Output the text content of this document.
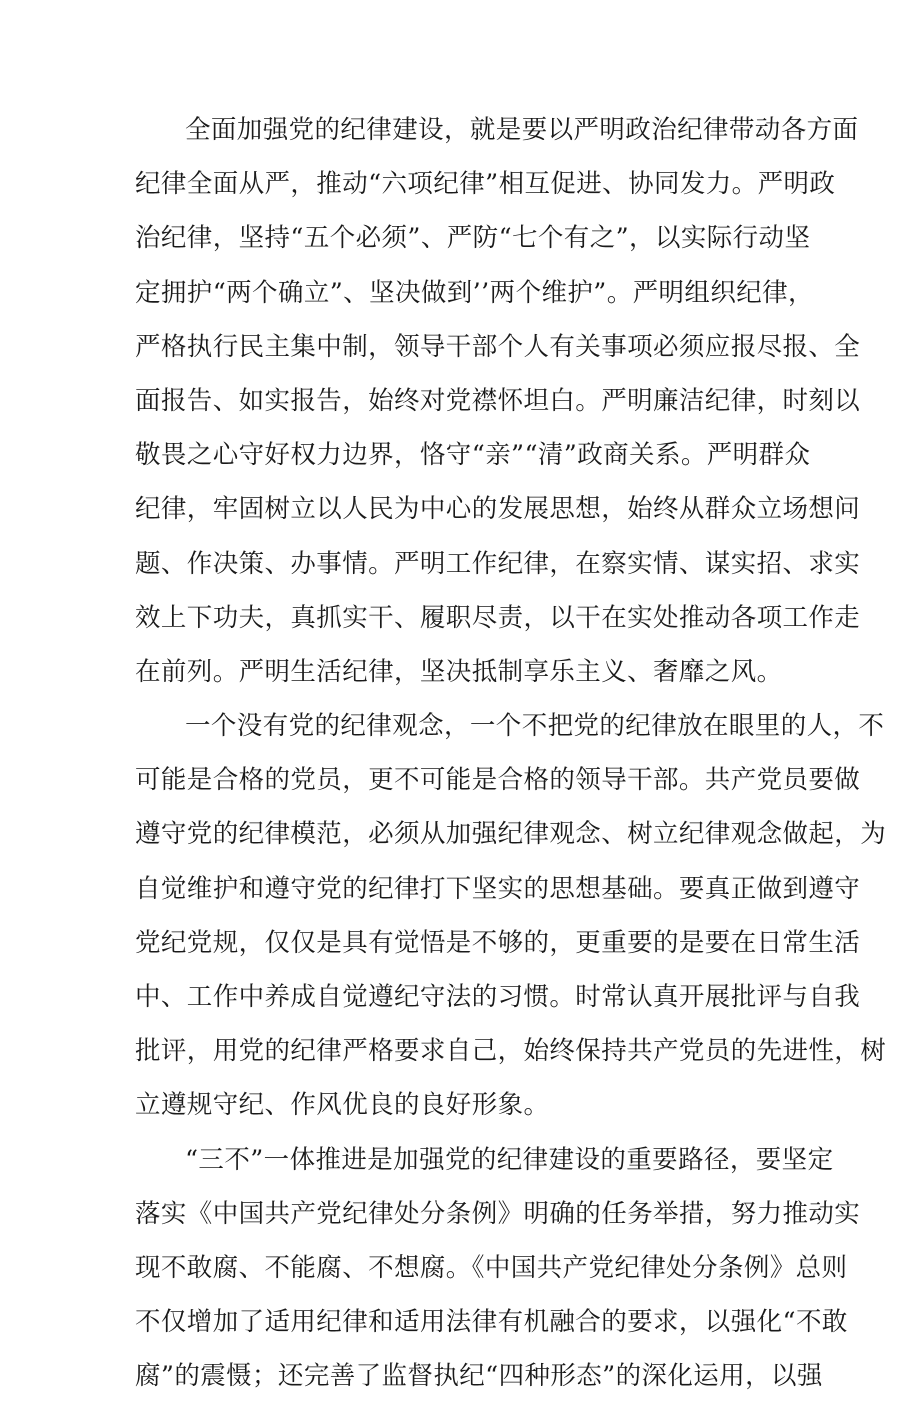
全面加强党的纪律建设，就是要以严明政治纪律带动各方面
纪律全面从严，推动“六项纪律”相互促进、协同发力。严明政
治纪律，坚持“五个必须”、严防“七个有之”，以实际行动坚
定拥护“两个确立”、坚决做到’’两个维护”。严明组织纪律，
严格执行民主集中制，领导干部个人有关事项必须应报尽报、全
面报告、如实报告，始终对党襟怀坦白。严明廉洁纪律，时刻以
敬畏之心守好权力边界，恪守“亲”“清”政商关系。严明群众
纪律，牢固树立以人民为中心的发展思想，始终从群众立场想问
题、作决策、办事情。严明工作纪律，在察实情、谋实招、求实
效上下功夫，真抓实干、履职尽责，以干在实处推动各项工作走
在前列。严明生活纪律，坚决抵制享乐主义、奢靡之风。
一个没有党的纪律观念，一个不把党的纪律放在眼里的人，不
可能是合格的党员，更不可能是合格的领导干部。共产党员要做
遵守党的纪律模范，必须从加强纪律观念、树立纪律观念做起，为
自觉维护和遵守党的纪律打下坚实的思想基础。要真正做到遵守
党纪党规，仅仅是具有觉悟是不够的，更重要的是要在日常生活
中、工作中养成自觉遵纪守法的习惯。时常认真开展批评与自我
批评，用党的纪律严格要求自己，始终保持共产党员的先进性，树
立遵规守纪、作风优良的良好形象。
“三不”一体推进是加强党的纪律建设的重要路径，要坚定
落实《中国共产党纪律处分条例》明确的任务举措，努力推动实
现不敢腐、不能腐、不想腐。《中国共产党纪律处分条例》总则
不仅增加了适用纪律和适用法律有机融合的要求，以强化“不敢
腐”的震慑；还完善了监督执纪“四种形态”的深化运用，以强
